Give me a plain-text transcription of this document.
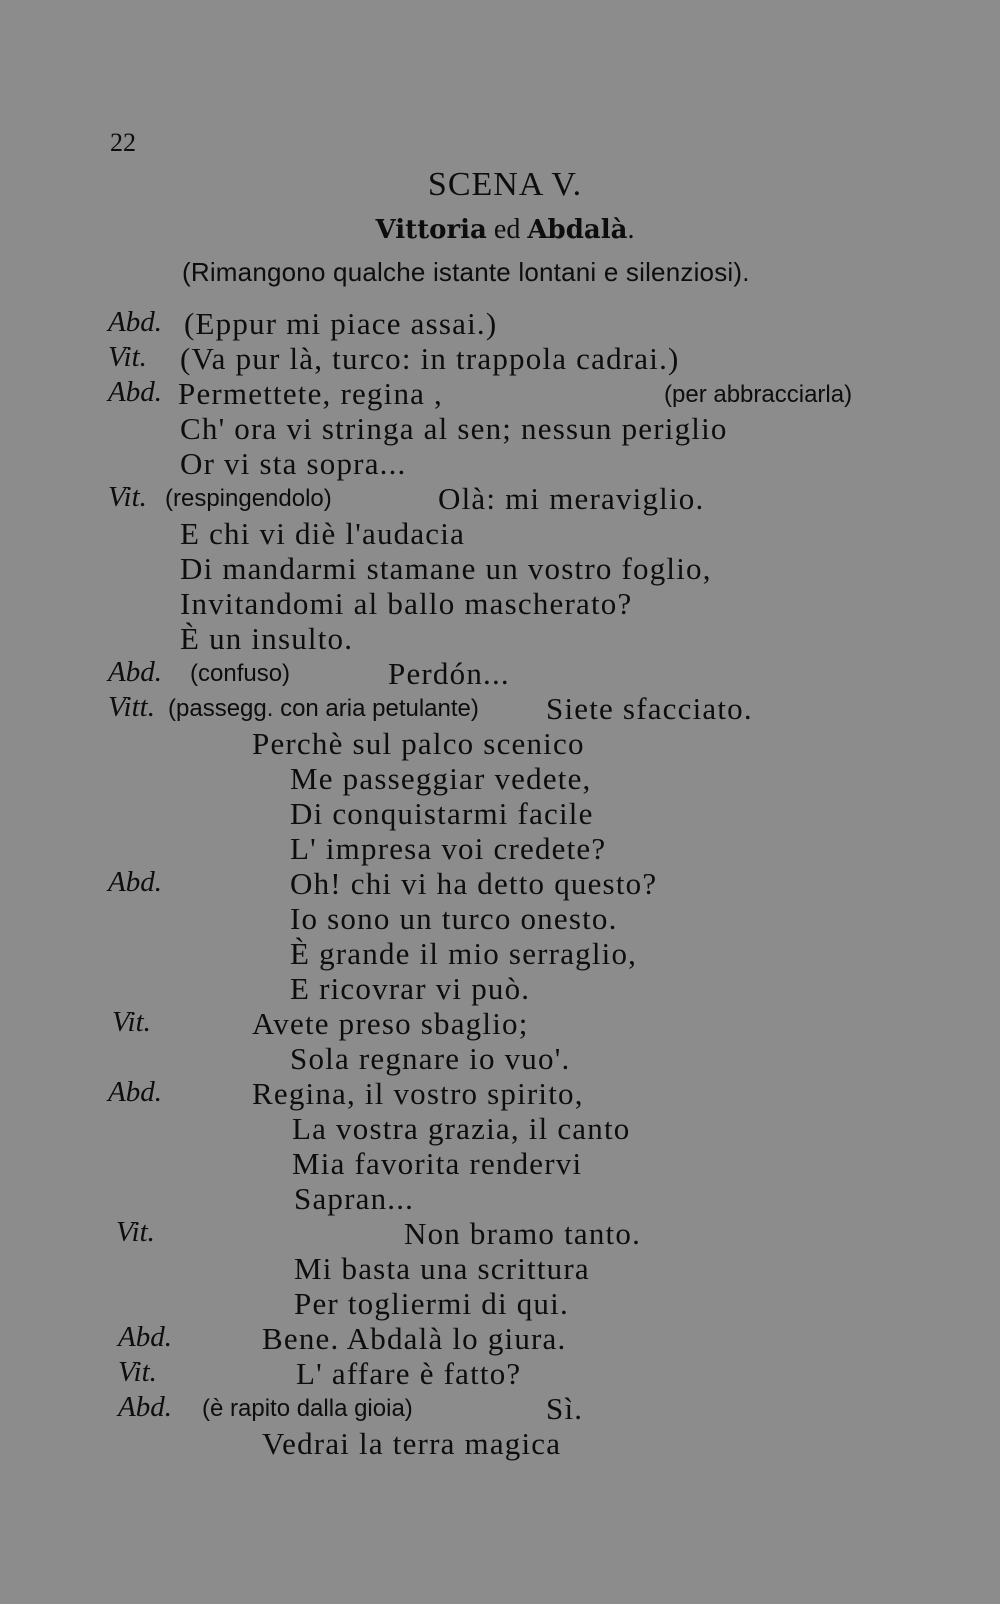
22
SCENA V.
Vittoria ed Abdalà.
(Rimangono qualche istante lontani e silenziosi).
Abd. (Eppur mi piace assai.)
Vit. (Va pur là, turco: in trappola cadrai.)
Abd. Permettete, regina ,	(per abbracciarla)
Ch' ora vi stringa al sen; nessun periglio
Or vi sta sopra...
Vit. (respingendolo)	Olà: mi meraviglio.
E chi vi diè l'audacia
Di mandarmi stamane un vostro foglio,
Invitandomi al ballo mascherato?
È un insulto.
Abd. (confuso)	Perdón...
Vitt. (passegg. con aria petulante) Siete sfacciato.
Perchè sul palco scenico
Me passeggiar vedete,
Di conquistarmi facile
L' impresa voi credete?
Abd.	Oh! chi vi ha detto questo?
Io sono un turco onesto.
È grande il mio serraglio,
E ricovrar vi può.
Vit.	Avete preso sbaglio;
Sola regnare io vuo'.
Abd.	Regina, il vostro spirito,
La vostra grazia, il canto
Mia favorita rendervi
Sapran...
Vit.	Non bramo tanto.
Mi basta una scrittura
Per togliermi di qui.
Abd.	Bene. Abdalà lo giura.
Vit.	L' affare è fatto?
Abd. (è rapito dalla gioia)	Sì.
Vedrai la terra magica
